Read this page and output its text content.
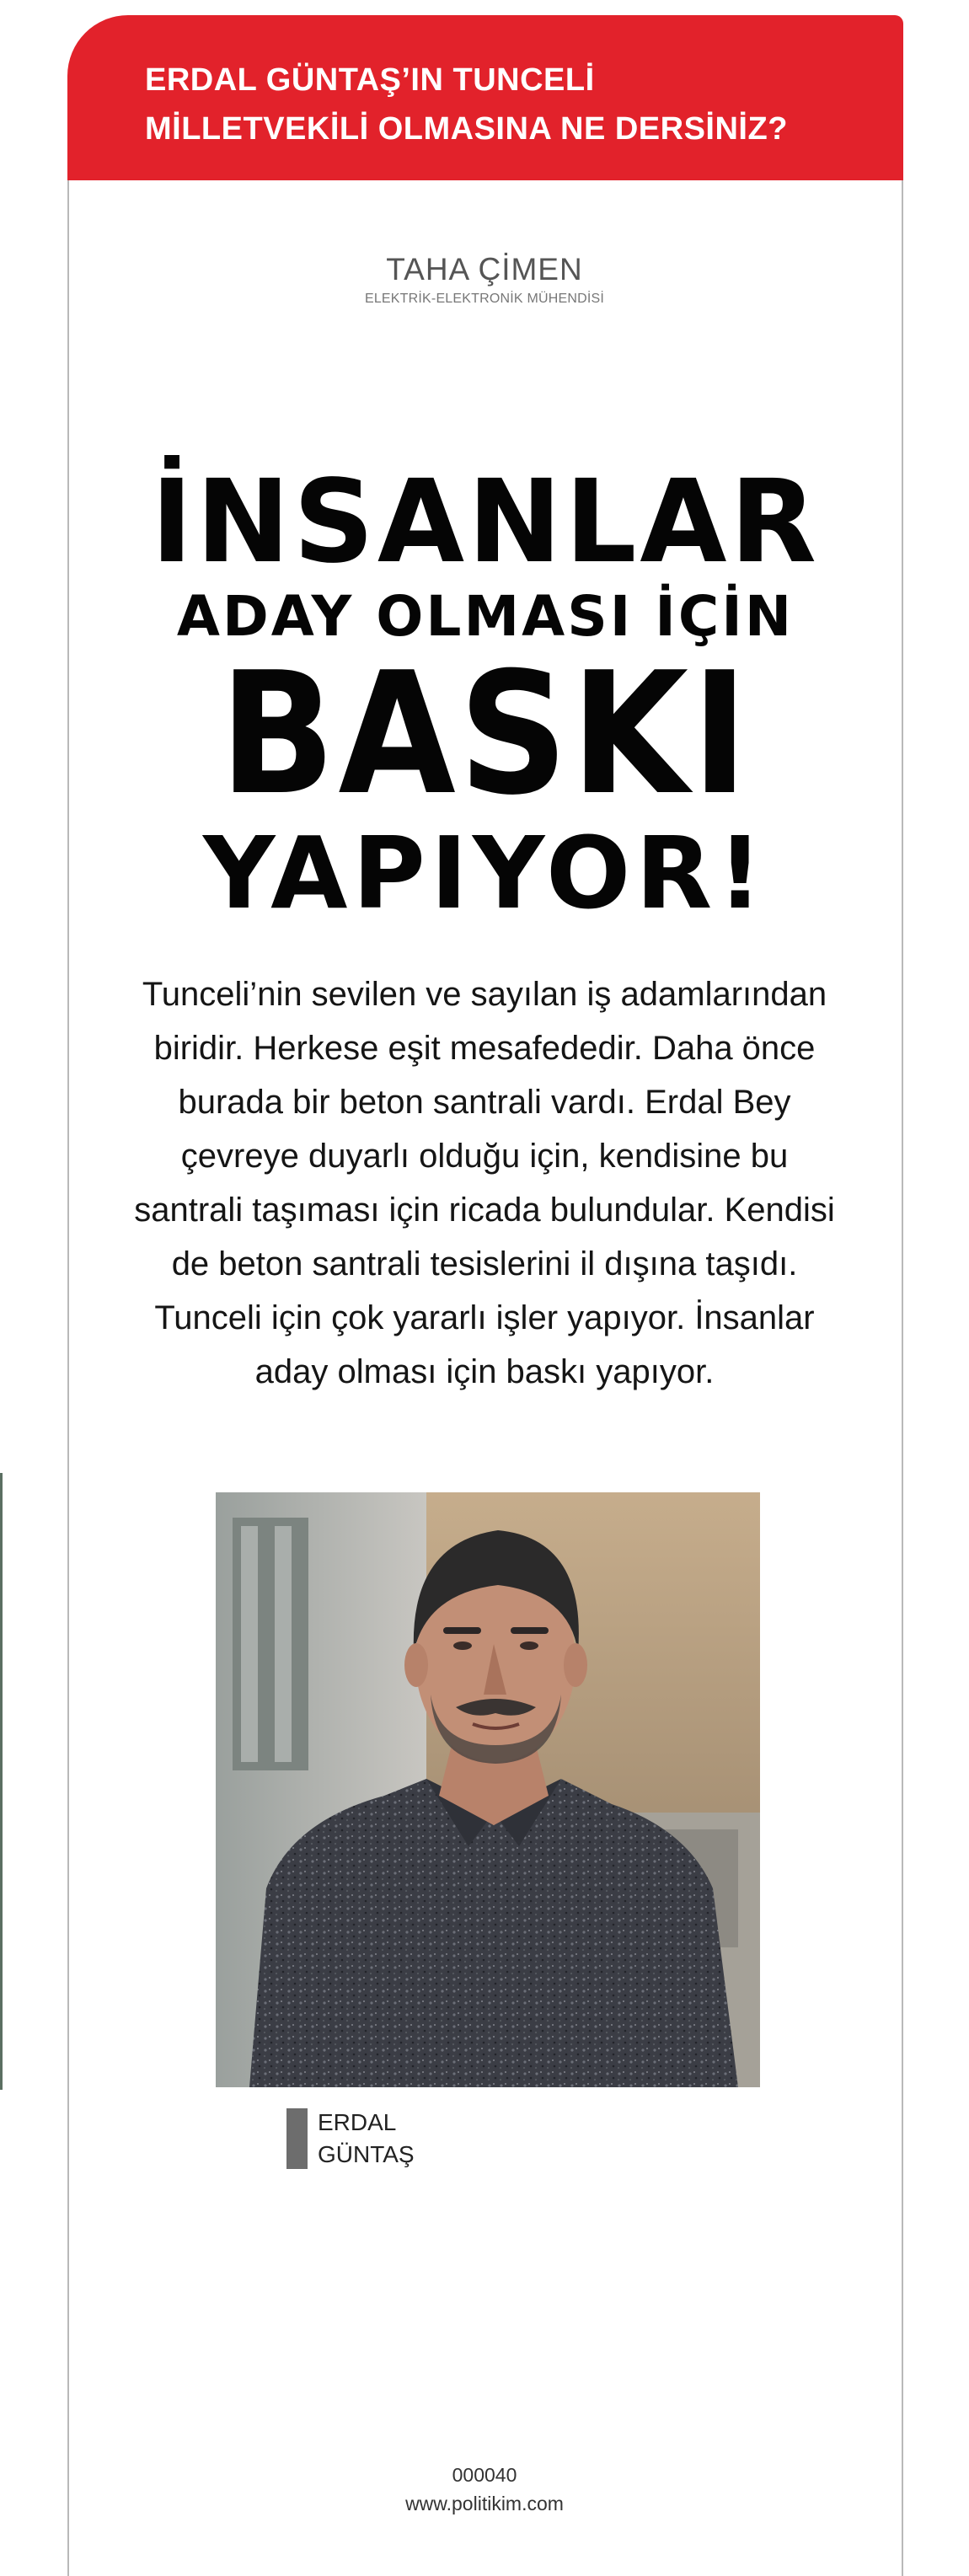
ERDAL GÜNTAŞ’IN TUNCELİ
MİLLETVEKİLİ OLMASINA NE DERSİNİZ?
TAHA ÇİMEN
ELEKTRİK-ELEKTRONİK MÜHENDİSİ
İNSANLAR
ADAY OLMASI İÇİN
BASKI
YAPIYOR!

Tunceli’nin sevilen ve sayılan iş adamlarından biridir. Herkese eşit mesafededir. Daha önce burada bir beton santrali vardı. Erdal Bey çevreye duyarlı olduğu için, kendisine bu santrali taşıması için ricada bulundular. Kendisi de beton santrali tesislerini il dışına taşıdı. Tunceli için çok yararlı işler yapıyor. İnsanlar aday olması için baskı yapıyor.

ERDAL
GÜNTAŞ
000040
www.politikim.com
